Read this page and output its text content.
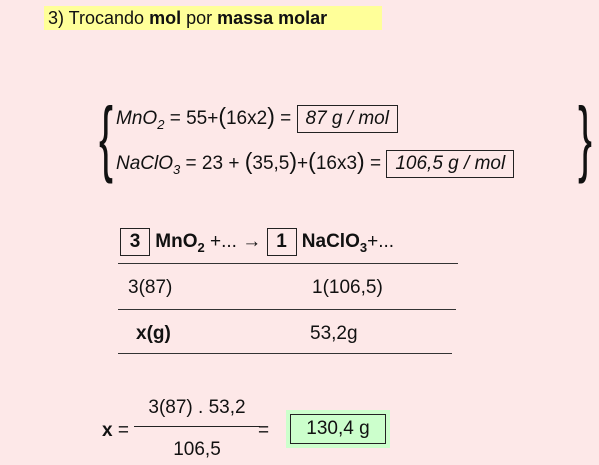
3) Trocando mol por massa molar
{	}
MnO$_2$ = 55+(16x2) = 87 g / mol
NaClO$_3$ = 23 + (35,5)+(16x3) = 106,5 g / mol
3 MnO$_2$ +... → 1 NaClO$_3$+...
3(87)	1(106,5)
x(g)	53,2g
x =
3(87) . 53,2
106,5
=	130,4 g
